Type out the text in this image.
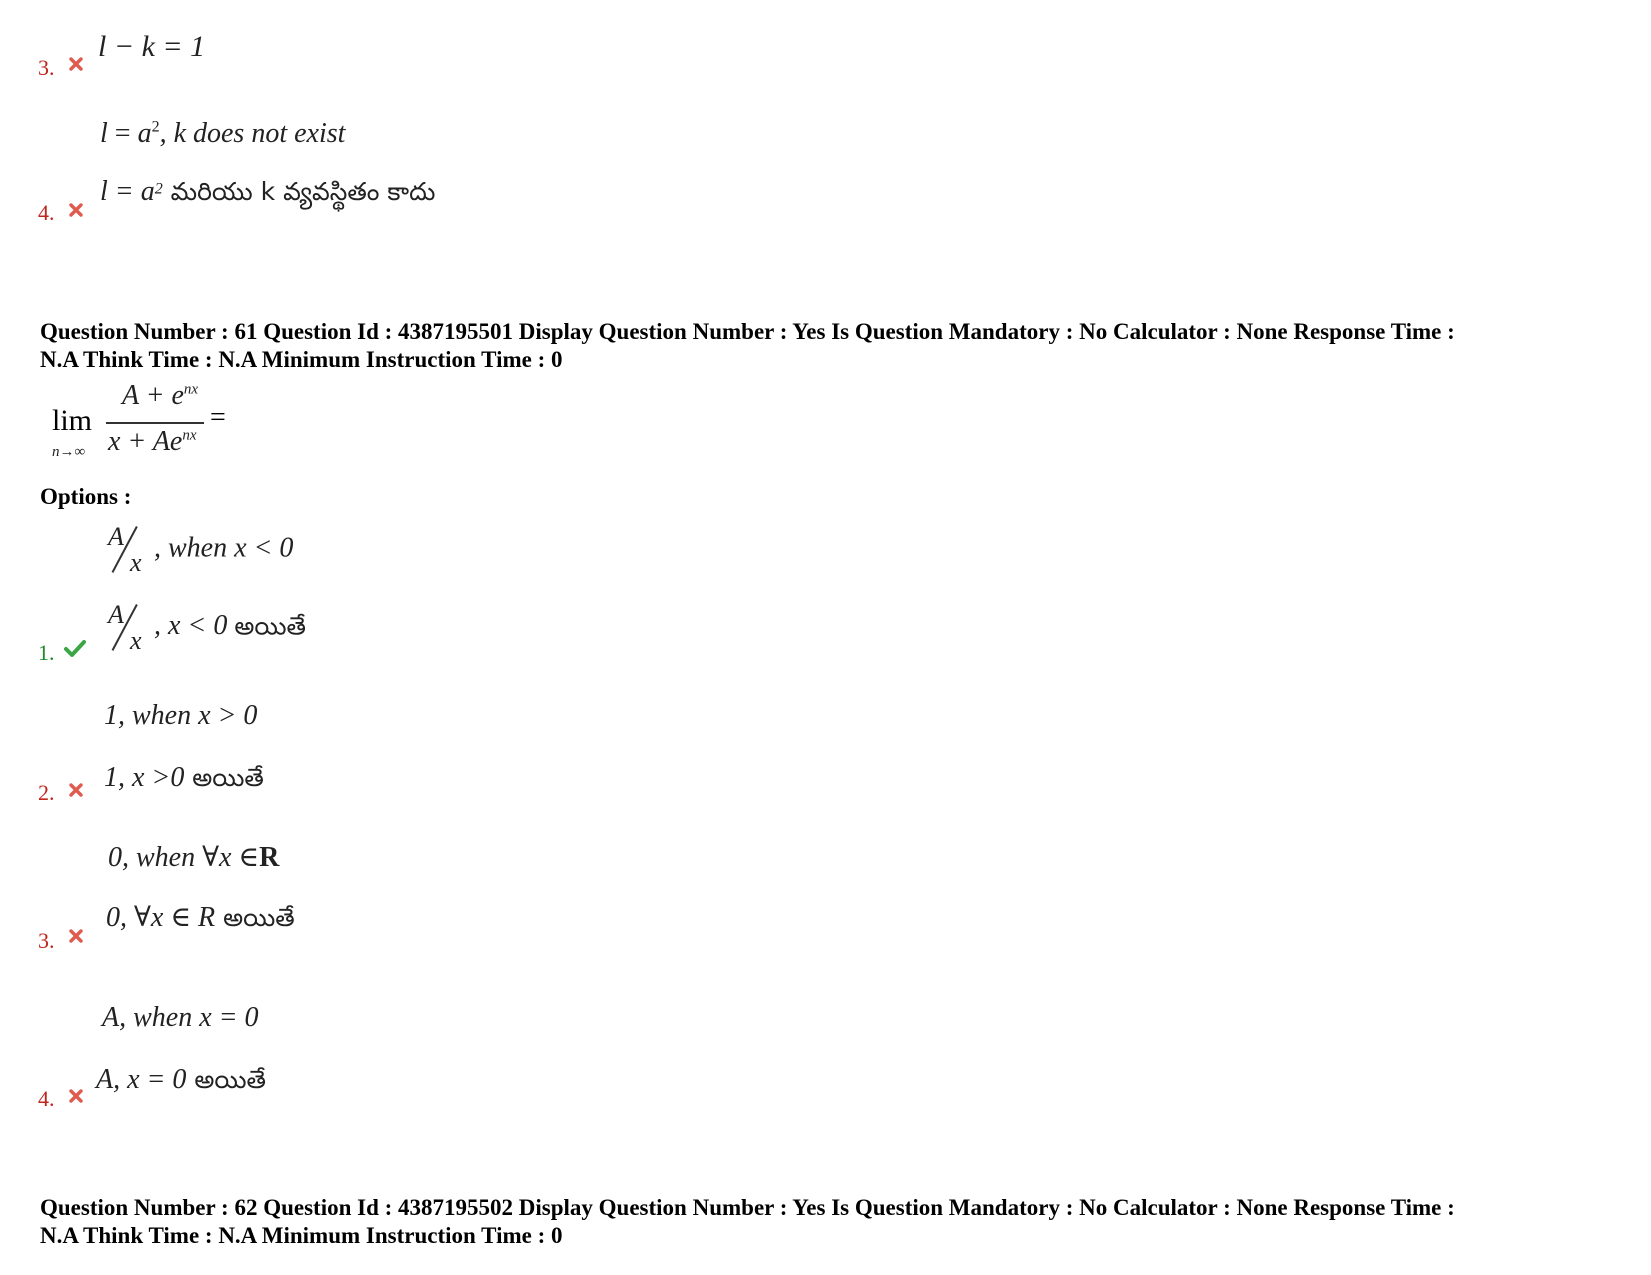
3.
l − k = 1
$l = a^2$, k does not exist
4.
$l = a^2$ మరియు k వ్యవస్థితం కాదు
Question Number : 61 Question Id : 4387195501 Display Question Number : Yes Is Question Mandatory : No Calculator : None Response Time :
N.A Think Time : N.A Minimum Instruction Time : 0
lim
n→∞
$A + e^{nx}$
$x + Ae^{nx}$
=
Options :
A
x , when x < 0
1.
A
x , x < 0 అయితే
1, when x > 0
2. 1, x >0 అయితే
0, when ∀x ∈R
3.
0, ∀x ∈ R అయితే
A, when x = 0
4.
A, x = 0 అయితే
Question Number : 62 Question Id : 4387195502 Display Question Number : Yes Is Question Mandatory : No Calculator : None Response Time :
N.A Think Time : N.A Minimum Instruction Time : 0
